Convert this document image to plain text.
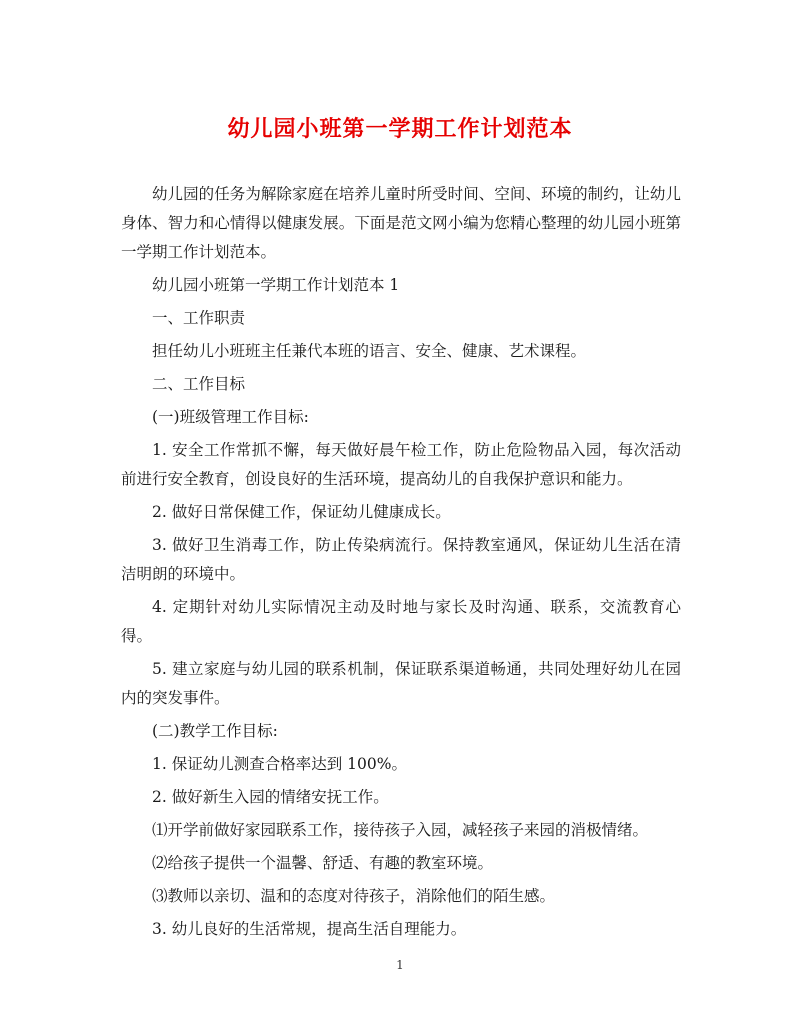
幼儿园小班第一学期工作计划范本

幼儿园的任务为解除家庭在培养儿童时所受时间、空间、环境的制约，让幼儿身体、智力和心情得以健康发展。下面是范文网小编为您精心整理的幼儿园小班第一学期工作计划范本。

幼儿园小班第一学期工作计划范本 1

一、工作职责

担任幼儿小班班主任兼代本班的语言、安全、健康、艺术课程。

二、工作目标

(一)班级管理工作目标:

1. 安全工作常抓不懈，每天做好晨午检工作，防止危险物品入园，每次活动前进行安全教育，创设良好的生活环境，提高幼儿的自我保护意识和能力。

2. 做好日常保健工作，保证幼儿健康成长。

3. 做好卫生消毒工作，防止传染病流行。保持教室通风，保证幼儿生活在清洁明朗的环境中。

4. 定期针对幼儿实际情况主动及时地与家长及时沟通、联系，交流教育心得。

5. 建立家庭与幼儿园的联系机制，保证联系渠道畅通，共同处理好幼儿在园内的突发事件。

(二)教学工作目标:

1. 保证幼儿测查合格率达到 100%。

2. 做好新生入园的情绪安抚工作。

⑴开学前做好家园联系工作，接待孩子入园，减轻孩子来园的消极情绪。

⑵给孩子提供一个温馨、舒适、有趣的教室环境。

⑶教师以亲切、温和的态度对待孩子，消除他们的陌生感。

3. 幼儿良好的生活常规，提高生活自理能力。

1
